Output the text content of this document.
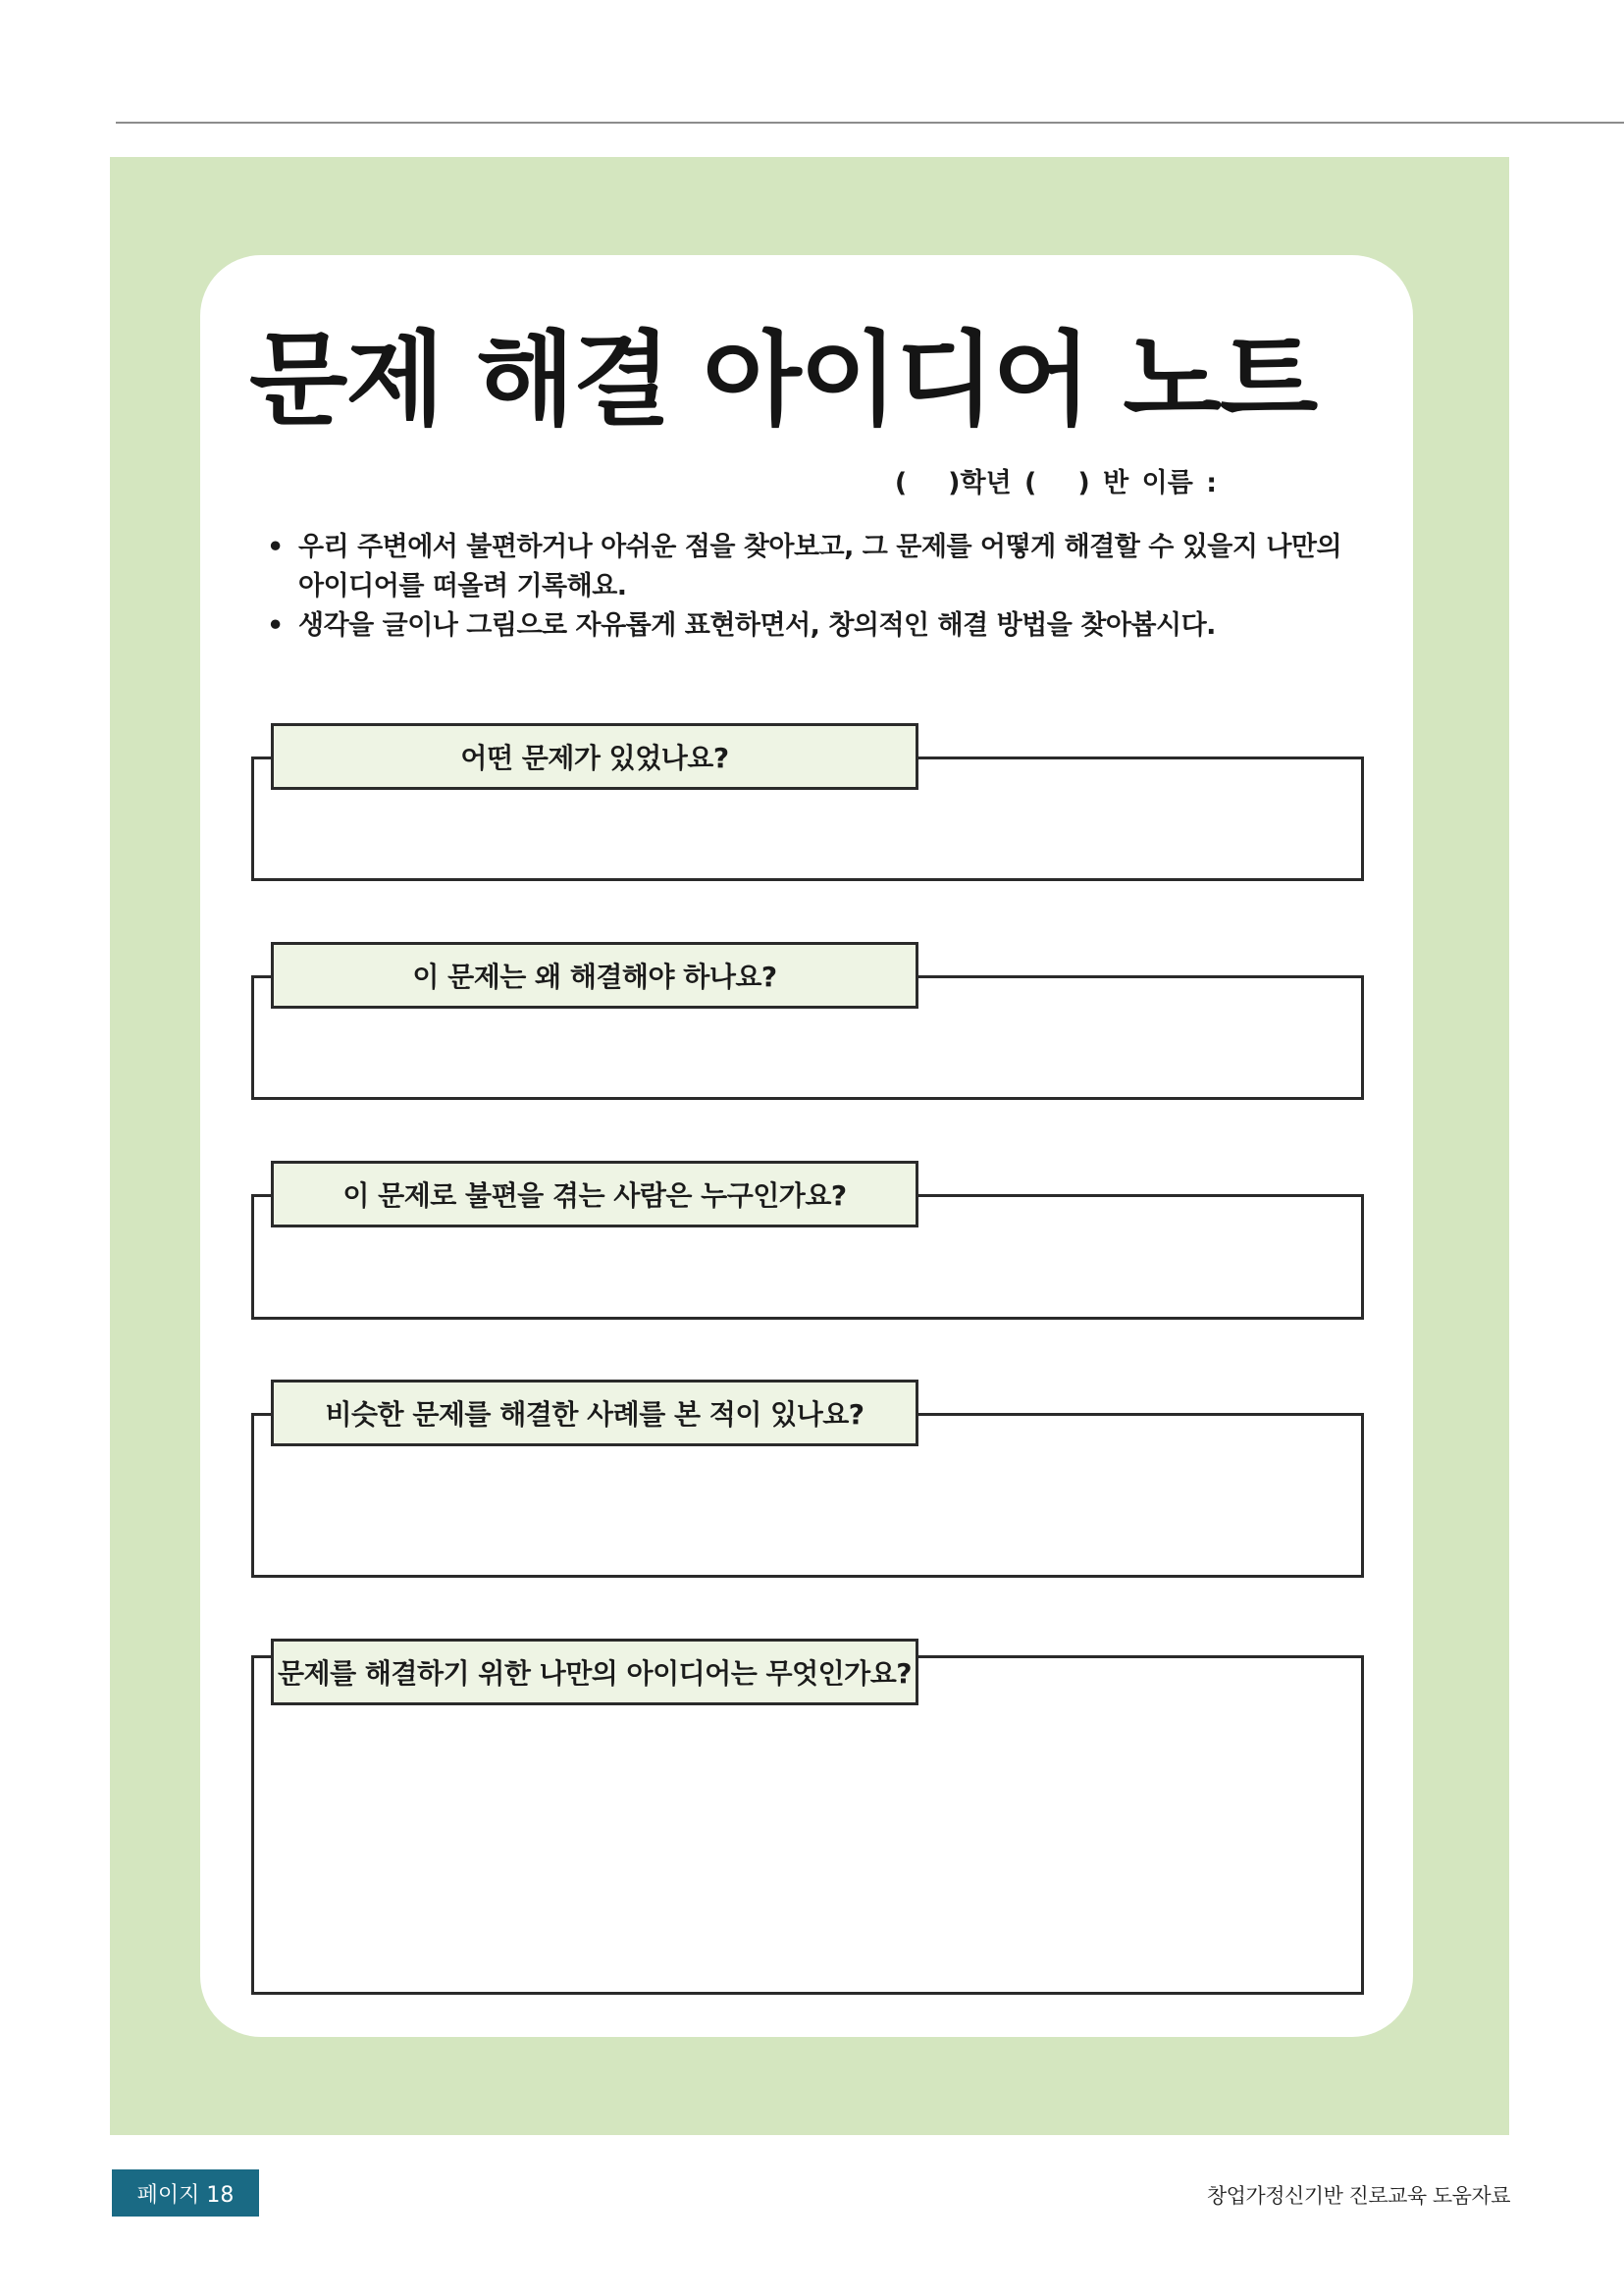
문제 해결 아이디어 노트
( )학년 ( ) 반 이름 :
• 우리 주변에서 불편하거나 아쉬운 점을 찾아보고, 그 문제를 어떻게 해결할 수 있을지 나만의 아이디어를 떠올려 기록해요.
• 생각을 글이나 그림으로 자유롭게 표현하면서, 창의적인 해결 방법을 찾아봅시다.
어떤 문제가 있었나요?
이 문제는 왜 해결해야 하나요?
이 문제로 불편을 겪는 사람은 누구인가요?
비슷한 문제를 해결한 사례를 본 적이 있나요?
문제를 해결하기 위한 나만의 아이디어는 무엇인가요?
페이지 18	창업가정신기반 진로교육 도움자료
